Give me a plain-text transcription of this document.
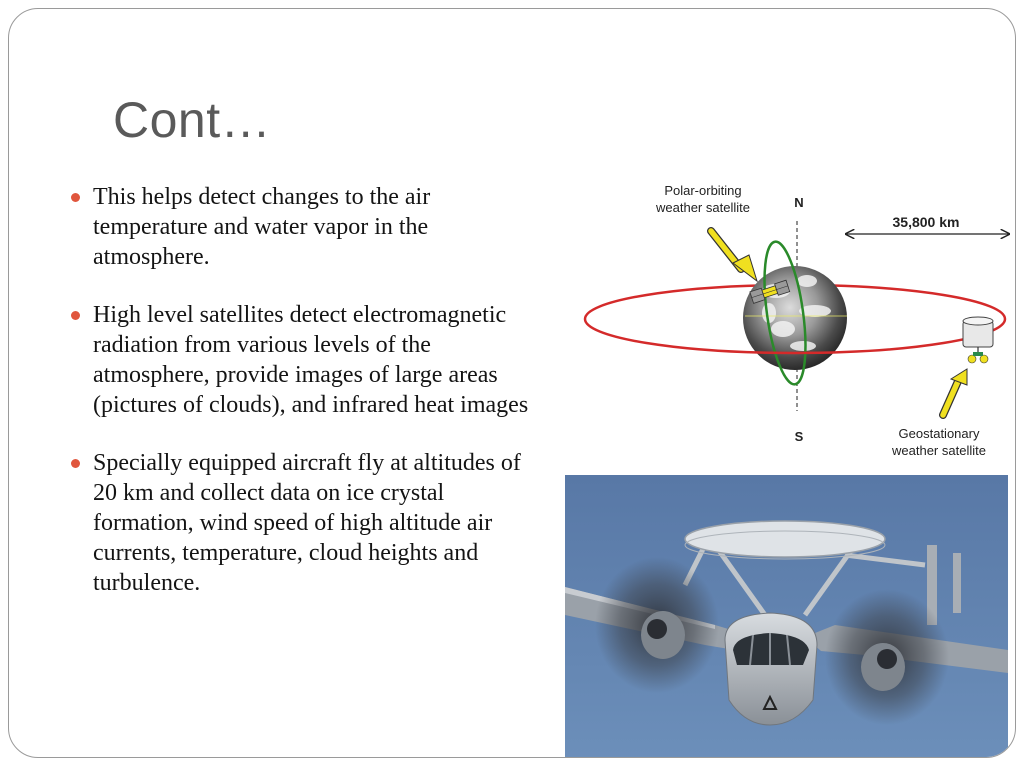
Cont…
This helps detect changes to the air temperature and water vapor in the atmosphere.
High level satellites detect electromagnetic radiation from various levels of the atmosphere, provide images of large areas (pictures of clouds), and infrared heat images
Specially equipped aircraft fly at altitudes of 20 km and collect data on ice crystal formation, wind speed of high altitude air currents, temperature, cloud heights and turbulence.
Polar-orbiting
weather satellite	N
S
35,800 km
Geostationary
weather satellite
